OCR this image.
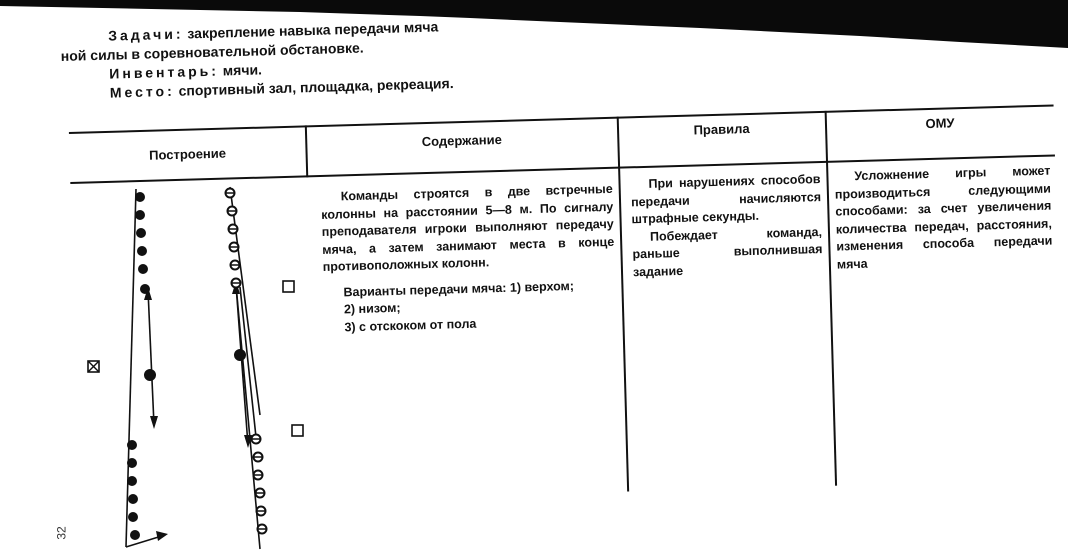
Задачи: закрепление навыка передачи мяча
ной силы в соревновательной обстановке.
Инвентарь: мячи.
Место: спортивный зал, площадка, рекреация.
Построение
Содержание
Правила	ОМУ

Команды строятся в две встречные колонны на расстоянии 5—8 м. По сигналу преподавателя игроки выполняют передачу мяча, а затем занимают места в конце противоположных колонн.

Варианты передачи мяча: 1) верхом;

2) низом;

3) с отскоком от пола

При нарушениях способов передачи начисляются штрафные секунды.

Побеждает команда, раньше выполнившая задание

Усложнение игры может производиться следующими способами: за счет увеличения количества передач, расстояния, изменения способа передачи мяча

32
